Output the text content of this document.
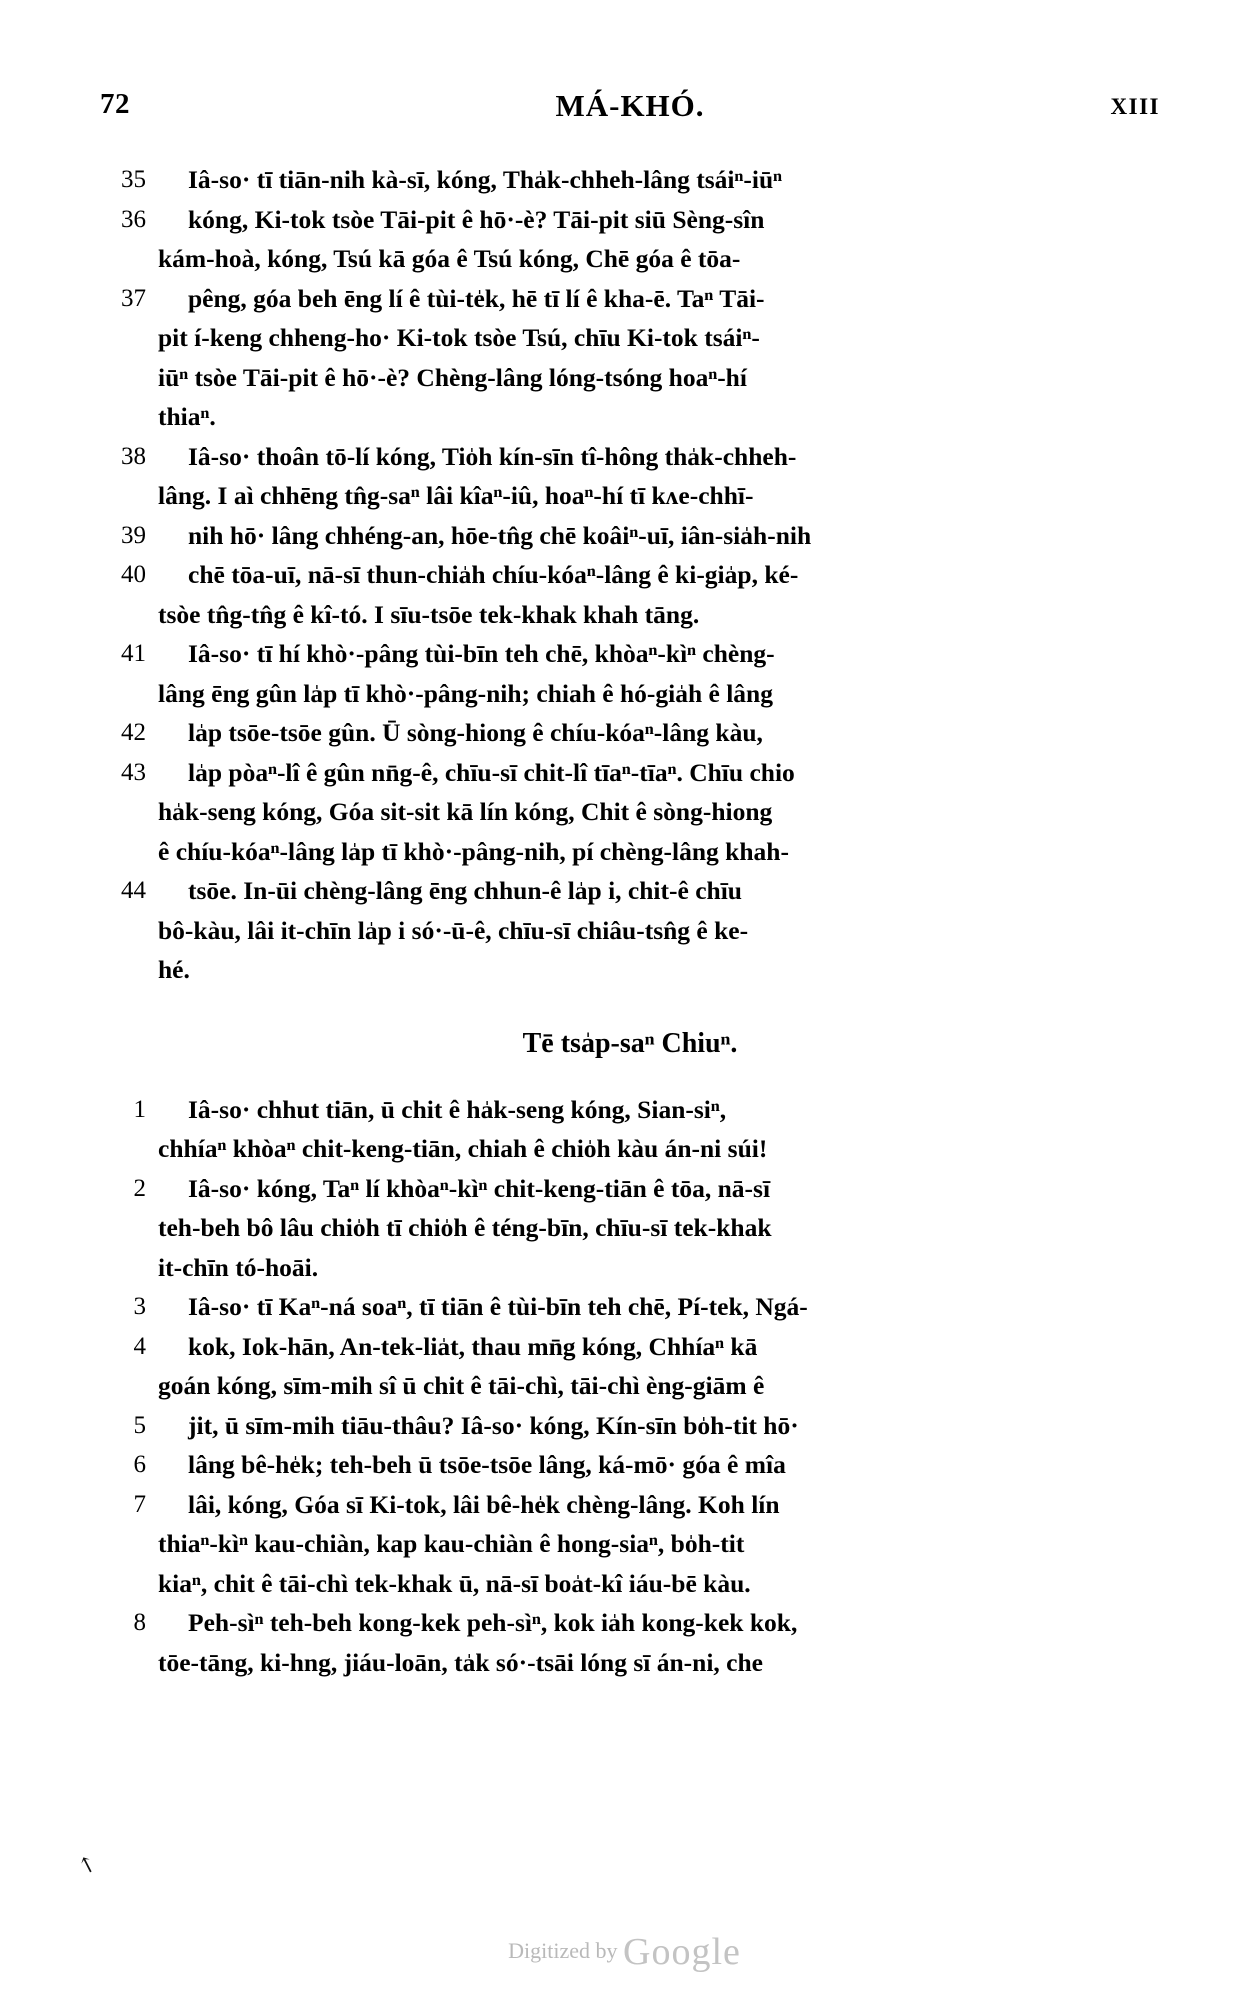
72	MÁ-KHÓ.	XIII
35 Iâ-so· tī tiān-nih kà-sī, kóng, Tha̍k-chheh-lâng tsáiⁿ-iūⁿ
36 kóng, Ki-tok tsòe Tāi-pit ê hō·-è? Tāi-pit siū Sèng-sîn
kám-hoà, kóng, Tsú kā góa ê Tsú kóng, Chē góa ê tōa-
37 pêng, góa beh ēng lí ê tùi-te̍k, hē tī lí ê kha-ē. Taⁿ Tāi-
pit í-keng chheng-ho· Ki-tok tsòe Tsú, chīu Ki-tok tsáiⁿ-
iūⁿ tsòe Tāi-pit ê hō·-è? Chèng-lâng lóng-tsóng hoaⁿ-hí
thiaⁿ.
38 Iâ-so· thoân tō-lí kóng, Tio̍h kín-sīn tî-hông tha̍k-chheh-
lâng. I aì chhēng tn̂g-saⁿ lâi kîaⁿ-iû, hoaⁿ-hí tī kʌe-chhī-
39 nih hō· lâng chhéng-an, hōe-tn̂g chē koâiⁿ-uī, iân-sia̍h-nih
40 chē tōa-uī, nā-sī thun-chia̍h chíu-kóaⁿ-lâng ê ki-gia̍p, ké-
tsòe tn̂g-tn̂g ê kî-tó. I sīu-tsōe tek-khak khah tāng.
41 Iâ-so· tī hí khò·-pâng tùi-bīn teh chē, khòaⁿ-kìⁿ chèng-
lâng ēng gûn la̍p tī khò·-pâng-nih; chiah ê hó-gia̍h ê lâng
42 la̍p tsōe-tsōe gûn. Ū sòng-hiong ê chíu-kóaⁿ-lâng kàu,
43 la̍p pòaⁿ-lî ê gûn nn̄g-ê, chīu-sī chit-lî tīaⁿ-tīaⁿ. Chīu chio
ha̍k-seng kóng, Góa sit-sit kā lín kóng, Chit ê sòng-hiong
ê chíu-kóaⁿ-lâng la̍p tī khò·-pâng-nih, pí chèng-lâng khah-
44 tsōe. In-ūi chèng-lâng ēng chhun-ê la̍p i, chit-ê chīu
bô-kàu, lâi it-chīn la̍p i só·-ū-ê, chīu-sī chiâu-tsn̂g ê ke-
hé.
Tē tsa̍p-saⁿ Chiuⁿ.
1 Iâ-so· chhut tiān, ū chit ê ha̍k-seng kóng, Sian-siⁿ,
chhíaⁿ khòaⁿ chit-keng-tiān, chiah ê chio̍h kàu án-ni súi!
2 Iâ-so· kóng, Taⁿ lí khòaⁿ-kìⁿ chit-keng-tiān ê tōa, nā-sī
teh-beh bô lâu chio̍h tī chio̍h ê téng-bīn, chīu-sī tek-khak
it-chīn tó-hoāi.
3 Iâ-so· tī Kaⁿ-ná soaⁿ, tī tiān ê tùi-bīn teh chē, Pí-tek, Ngá-
4 kok, Iok-hān, An-tek-lia̍t, thau mn̄g kóng, Chhíaⁿ kā
goán kóng, sīm-mih sî ū chit ê tāi-chì, tāi-chì èng-giām ê
5 jit, ū sīm-mih tiāu-thâu? Iâ-so· kóng, Kín-sīn bo̍h-tit hō·
6 lâng bê-he̍k; teh-beh ū tsōe-tsōe lâng, ká-mō· góa ê mîa
7 lâi, kóng, Góa sī Ki-tok, lâi bê-he̍k chèng-lâng. Koh lín
thiaⁿ-kìⁿ kau-chiàn, kap kau-chiàn ê hong-siaⁿ, bo̍h-tit
kiaⁿ, chit ê tāi-chì tek-khak ū, nā-sī boa̍t-kî iáu-bē kàu.
8 Peh-sìⁿ teh-beh kong-kek peh-sìⁿ, kok ia̍h kong-kek kok,
tōe-tāng, ki-hng, jiáu-loān, ta̍k só·-tsāi lóng sī án-ni, che
↖
Digitized by Google
